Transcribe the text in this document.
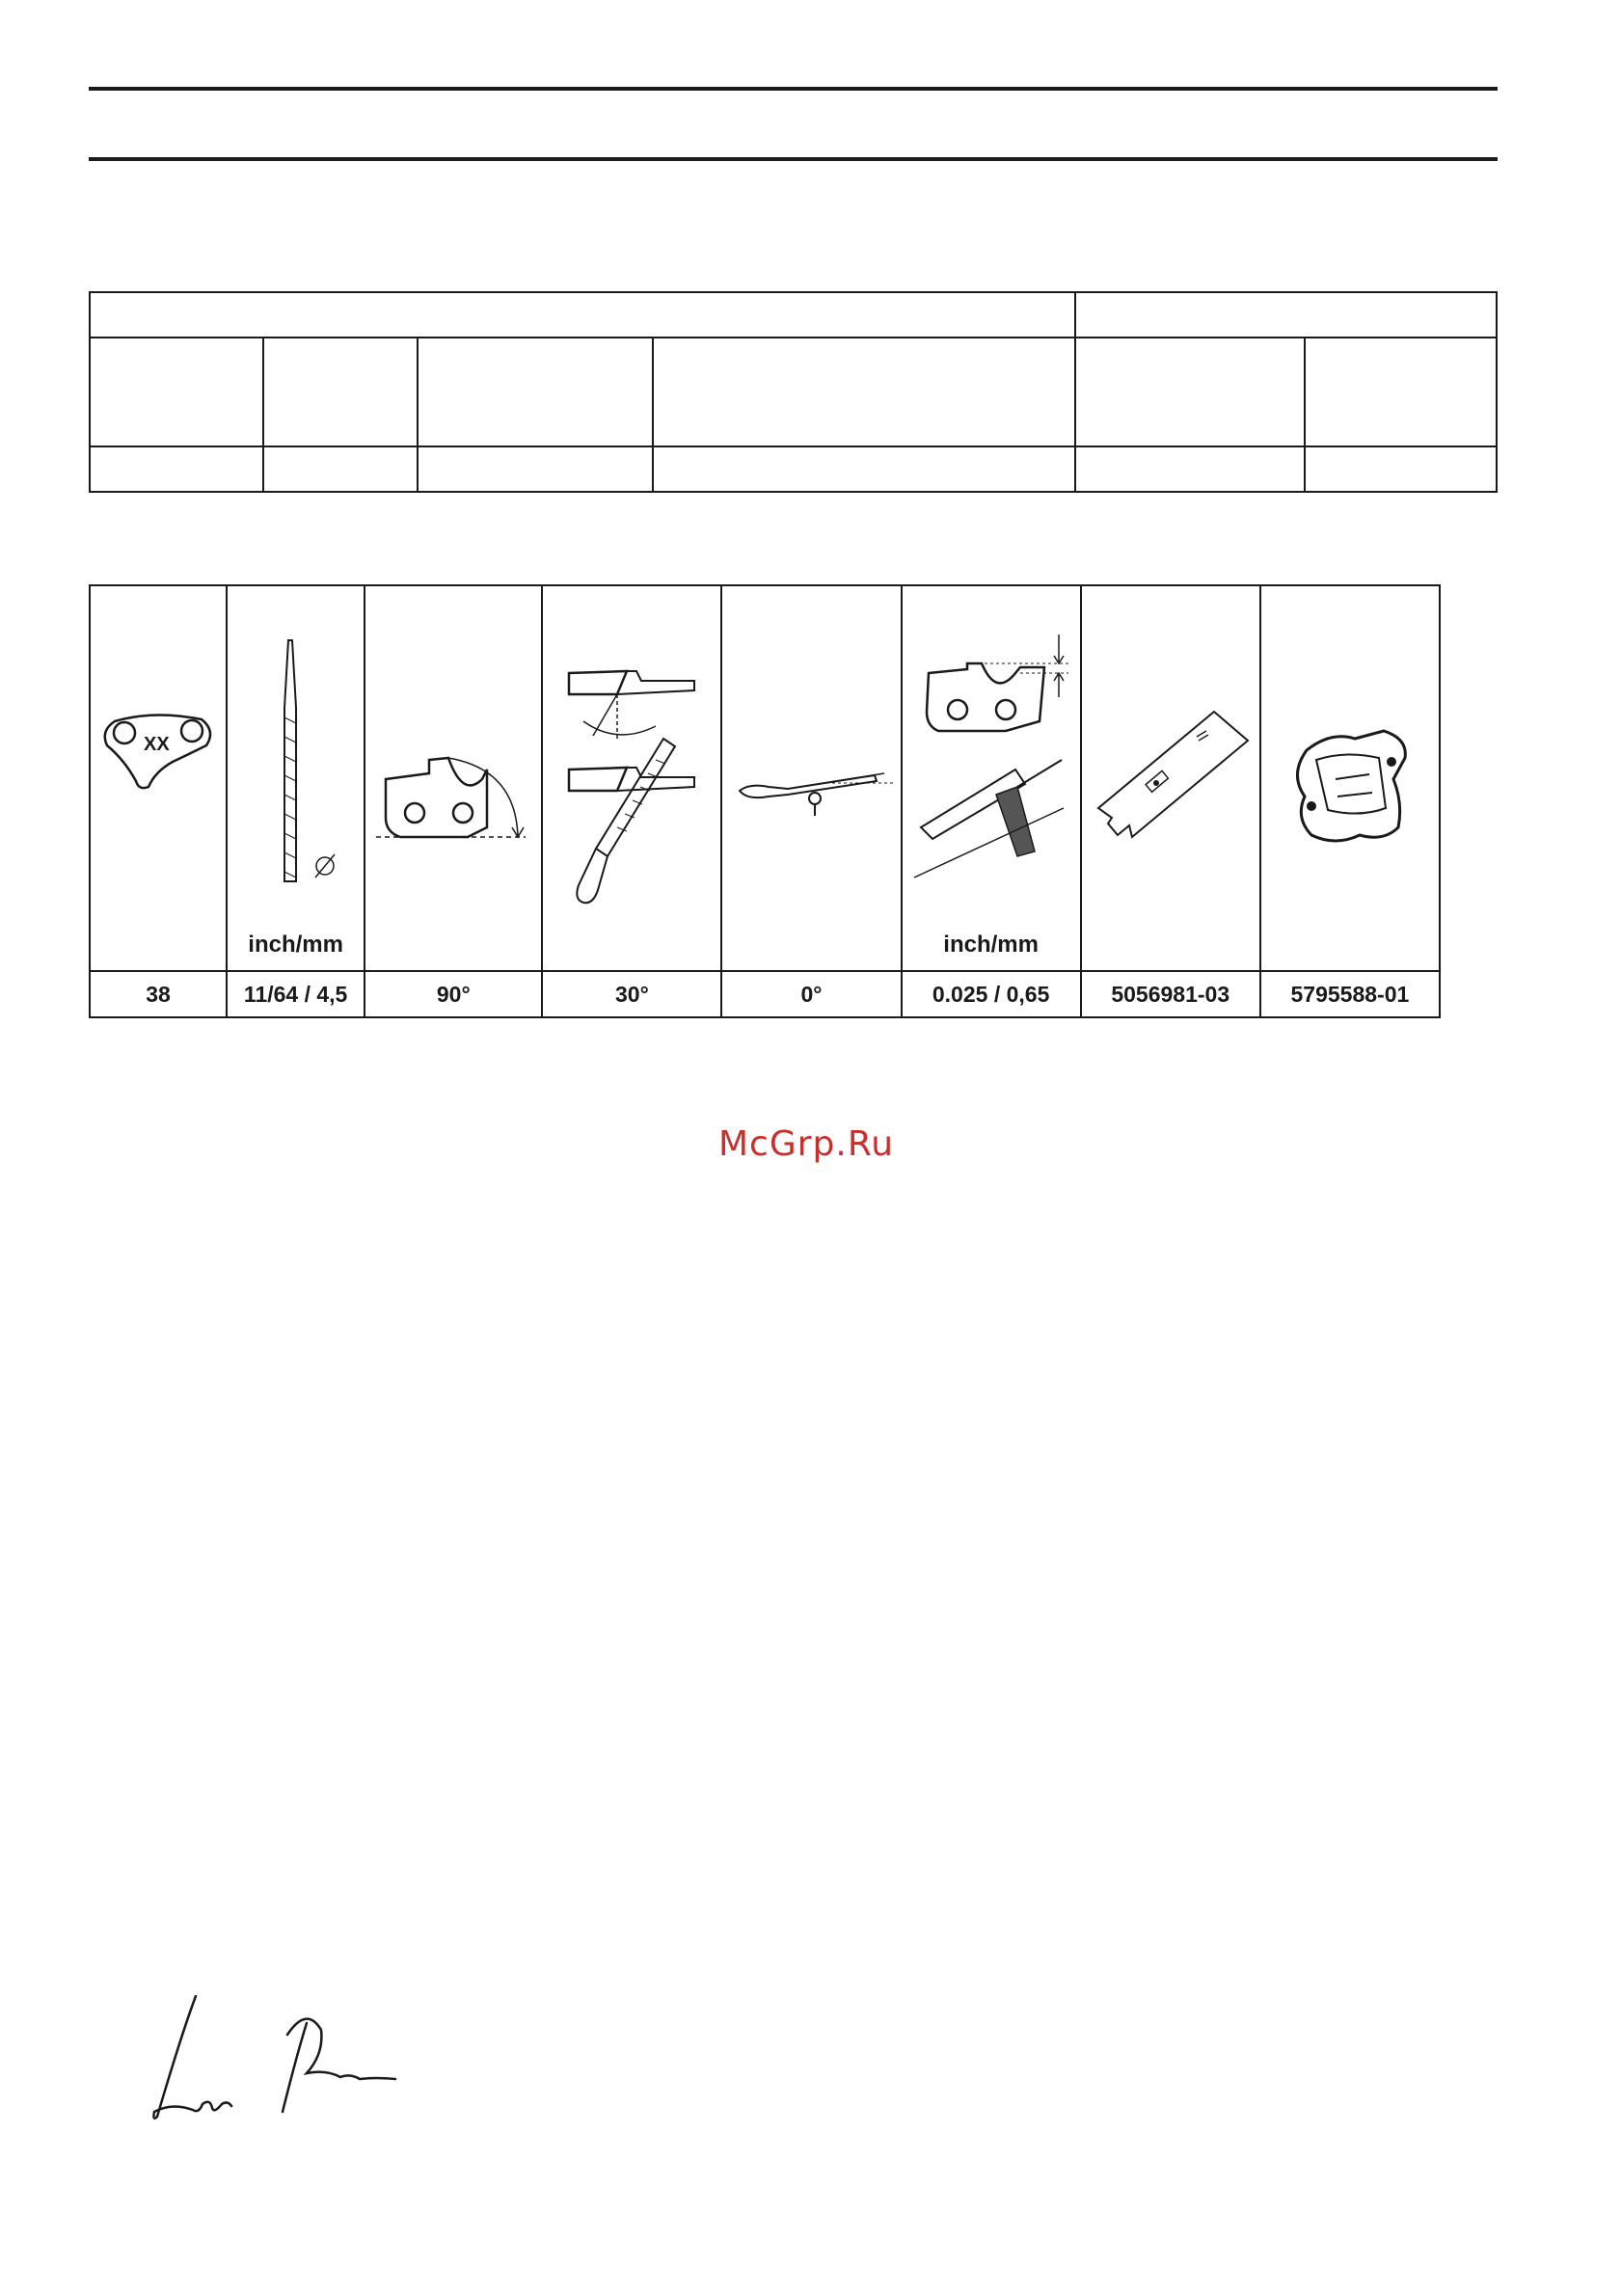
XX	inch/mm				inch/mm

38	11/64 / 4,5	90°	30°	0°	0.025 / 0,65	5056981-03	5795588-01
McGrp.Ru
